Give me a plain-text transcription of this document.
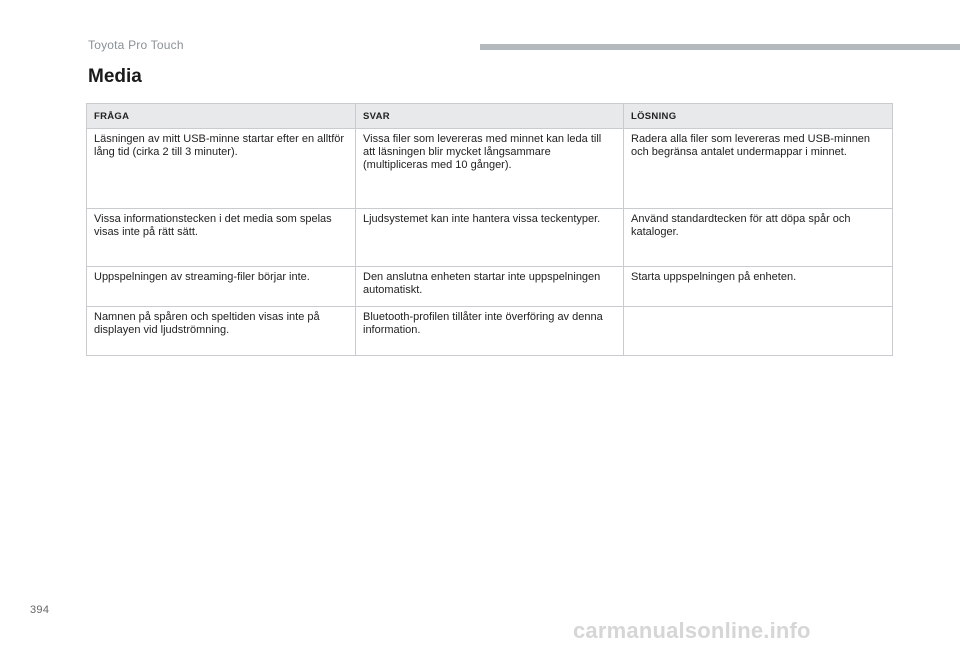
Toyota Pro Touch
Media
FRÅGA	SVAR	LÖSNING
Läsningen av mitt USB-minne startar efter en alltför lång tid (cirka 2 till 3 minuter).	Vissa filer som levereras med minnet kan leda till att läsningen blir mycket långsammare (multipliceras med 10 gånger).	Radera alla filer som levereras med USB-minnen och begränsa antalet undermappar i minnet.
Vissa informationstecken i det media som spelas visas inte på rätt sätt.	Ljudsystemet kan inte hantera vissa teckentyper.	Använd standardtecken för att döpa spår och kataloger.
Uppspelningen av streaming-filer börjar inte.	Den anslutna enheten startar inte uppspelningen automatiskt.	Starta uppspelningen på enheten.
Namnen på spåren och speltiden visas inte på displayen vid ljudströmning.	Bluetooth-profilen tillåter inte överföring av denna information.	
394
carmanualsonline.info
